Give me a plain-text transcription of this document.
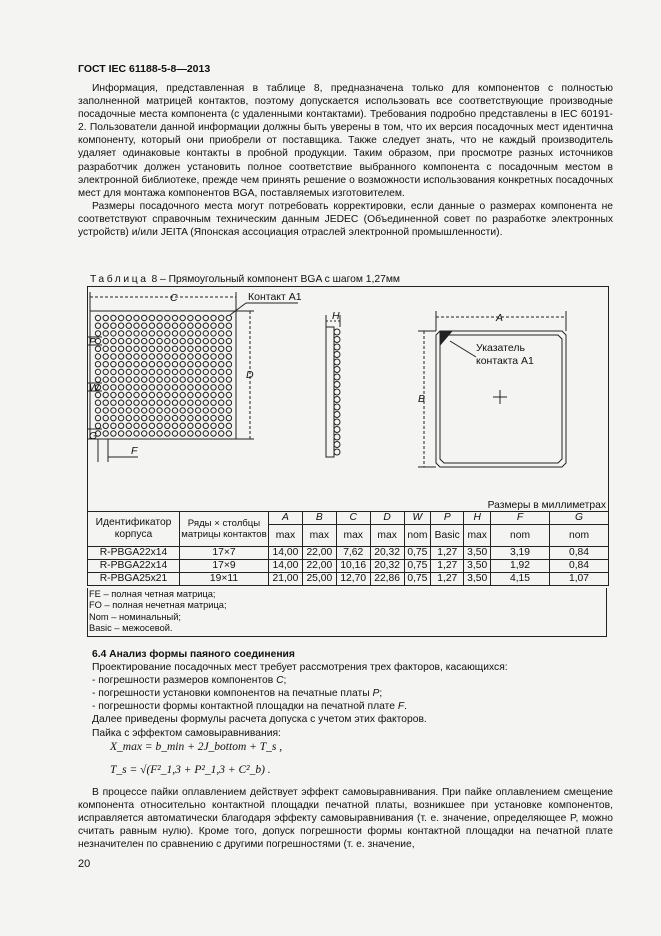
ГОСТ IEC 61188-5-8—2013

Информация, представленная в таблице 8, предназначена только для компонентов с полностью заполненной матрицей контактов, поэтому допускается использовать все соответствующие производные посадочные места компонента (с удаленными контактами). Требования подробно представлены в IEC 60191-2. Пользователи данной информации должны быть уверены в том, что их версия посадочных мест идентична компоненту, который они приобрели от поставщика. Также следует знать, что не каждый производитель удаляет одинаковые контакты в пробной продукции. Таким образом, при просмотре разных источников разработчик должен установить полное соответствие выбранного компонента с посадочным местом в электронной библиотеке, прежде чем принять решение о возможности использования конкретных посадочных мест для монтажа компонентов BGA, поставляемых изготовителем.

Размеры посадочного места могут потребовать корректировки, если данные о размерах компонента не соответствуют справочным техническим данным JEDEC (Объединенной совет по разработке электронных устройств) и/или JEITA (Японская ассоциация отраслей электронной промышленности).

Таблица 8 – Прямоугольный компонент BGA с шагом 1,27мм
C
D
F
P
W
G
H	A
B
Контакт A1
Указатель
контакта A1
Размеры в миллиметрах
Идентификатор корпуса	Ряды × столбцы матрицы контактов	A	B	C	D	W	P	H	F	G
		max	max	max	max	nom	Basic	max	nom	nom
R-PBGA22x14	17×7	14,00	22,00	7,62	20,32	0,75	1,27	3,50	3,19	0,84
R-PBGA22x14	17×9	14,00	22,00	10,16	20,32	0,75	1,27	3,50	1,92	0,84
R-PBGA25x21	19×11	21,00	25,00	12,70	22,86	0,75	1,27	3,50	4,15	1,07
FE – полная четная матрица;
FO – полная нечетная матрица;
Nom – номинальный;
Basic – межосевой.
6.4 Анализ формы паяного соединения
Проектирование посадочных мест требует рассмотрения трех факторов, касающихся:
- погрешности размеров компонентов C;
- погрешности установки компонентов на печатные платы P;
- погрешности формы контактной площадки на печатной плате F.
Далее приведены формулы расчета допуска с учетом этих факторов.
Пайка с эффектом самовыравнивания:
X_max = b_min + 2J_bottom + T_s ,
T_s = √(F²_1,3 + P²_1,3 + C²_b) .

В процессе пайки оплавлением действует эффект самовыравнивания. При пайке оплавлением смещение компонента относительно контактной площадки печатной платы, возникшее при установке компонентов, исправляется автоматически благодаря эффекту самовыравнивания (т. е. значение, определяющее P, можно считать равным нулю). Кроме того, допуск погрешности формы контактной площадки на печатной плате незначителен по сравнению с другими погрешностями (т. е. значение,

20
